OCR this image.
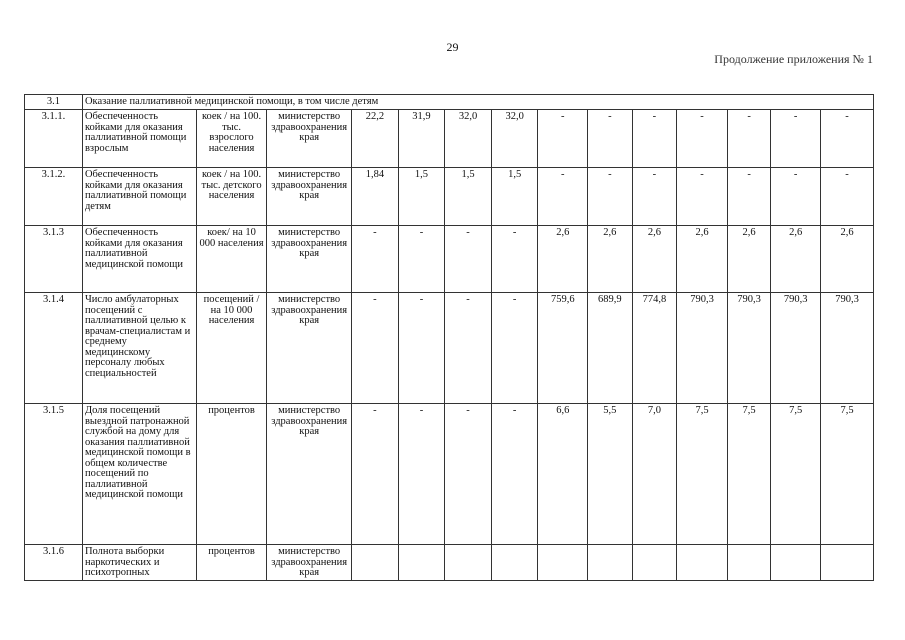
29
Продолжение приложения № 1
3.1	Оказание паллиативной медицинской помощи, в том числе детям													
3.1.1.	Обеспеченность койками для оказания паллиативной помощи взрослым	коек / на 100. тыс. взрослого населения	министерство здравоохранения края	22,2	31,9	32,0	32,0	-	-	-	-	-	-	-
3.1.2.	Обеспеченность койками для оказания паллиативной помощи детям	коек / на 100. тыс. детского населения	министерство здравоохранения края	1,84	1,5	1,5	1,5	-	-	-	-	-	-	-
3.1.3	Обеспеченность койками для оказания паллиативной медицинской помощи	коек/ на 10 000 населения	министерство здравоохранения края	-	-	-	-	2,6	2,6	2,6	2,6	2,6	2,6	2,6
3.1.4	Число амбулаторных посещений с паллиативной целью к врачам-специалистам и среднему медицинскому персоналу любых специальностей	посещений / на 10 000 населения	министерство здравоохранения края	-	-	-	-	759,6	689,9	774,8	790,3	790,3	790,3	790,3
3.1.5	Доля посещений выездной патронажной службой на дому для оказания паллиативной медицинской помощи в общем количестве посещений по паллиативной медицинской помощи	процентов	министерство здравоохранения края	-	-	-	-	6,6	5,5	7,0	7,5	7,5	7,5	7,5
3.1.6	Полнота выборки наркотических и психотропных	процентов	министерство здравоохранения края											
